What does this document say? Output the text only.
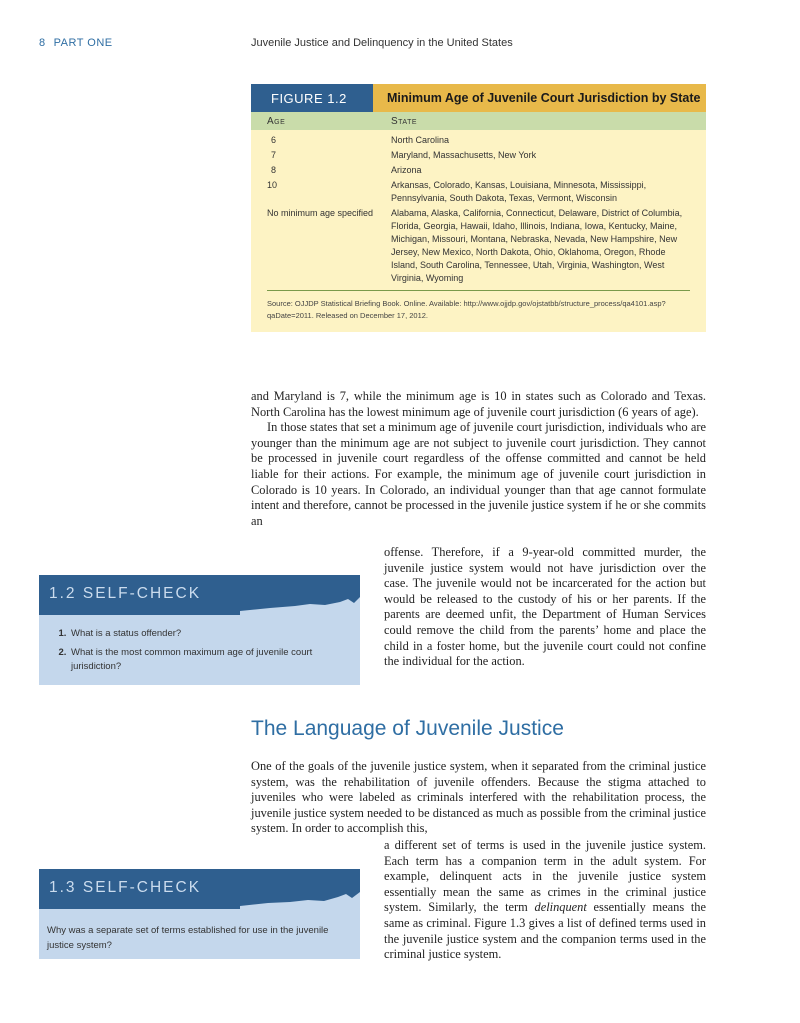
8 PART ONE	Juvenile Justice and Delinquency in the United States
FIGURE 1.2	Minimum Age of Juvenile Court Jurisdiction by State
Age	State
6	North Carolina
7	Maryland, Massachusetts, New York
8	Arizona
10	Arkansas, Colorado, Kansas, Louisiana, Minnesota, Mississippi, Pennsylvania, South Dakota, Texas, Vermont, Wisconsin
No minimum age specified	Alabama, Alaska, California, Connecticut, Delaware, District of Columbia, Florida, Georgia, Hawaii, Idaho, Illinois, Indiana, Iowa, Kentucky, Maine, Michigan, Missouri, Montana, Nebraska, Nevada, New Hampshire, New Jersey, New Mexico, North Dakota, Ohio, Oklahoma, Oregon, Rhode Island, South Carolina, Tennessee, Utah, Virginia, Washington, West Virginia, Wyoming
Source: OJJDP Statistical Briefing Book. Online. Available: http://www.ojjdp.gov/ojstatbb/structure_process/qa4101.asp?qaDate=2011. Released on December 17, 2012.

and Maryland is 7, while the minimum age is 10 in states such as Colorado and Texas. North Carolina has the lowest minimum age of juvenile court jurisdiction (6 years of age).

In those states that set a minimum age of juvenile court jurisdiction, individuals who are younger than the minimum age are not subject to juvenile court jurisdiction. They cannot be processed in juvenile court regardless of the offense committed and cannot be held liable for their actions. For example, the minimum age of juvenile court jurisdiction in Colorado is 10 years. In Colorado, an individual younger than that age cannot formulate intent and therefore, cannot be processed in the juvenile justice system if he or she commits an

offense. Therefore, if a 9-year-old committed murder, the juvenile justice system would not have jurisdiction over the case. The juvenile would not be incarcerated for the action but would be released to the custody of his or her parents. If the parents are deemed unfit, the Department of Human Services could remove the child from the parents’ home and place the child in a foster home, but the juvenile court could not confine the individual for the action.

1.2 SELF-CHECK
1. What is a status offender?
2. What is the most common maximum age of juvenile court jurisdiction?
The Language of Juvenile Justice

One of the goals of the juvenile justice system, when it separated from the criminal justice system, was the rehabilitation of juvenile offenders. Because the stigma attached to juveniles who were labeled as criminals interfered with the rehabilitation process, the juvenile justice system needed to be distanced as much as possible from the criminal justice system. In order to accomplish this,

a different set of terms is used in the juvenile justice system. Each term has a companion term in the adult system. For example, delinquent acts in the juvenile justice system essentially mean the same as crimes in the criminal justice system. Similarly, the term delinquent essentially means the same as criminal. Figure 1.3 gives a list of defined terms used in the juvenile justice system and the companion terms used in the criminal justice system.

1.3 SELF-CHECK
Why was a separate set of terms established for use in the juvenile justice system?
